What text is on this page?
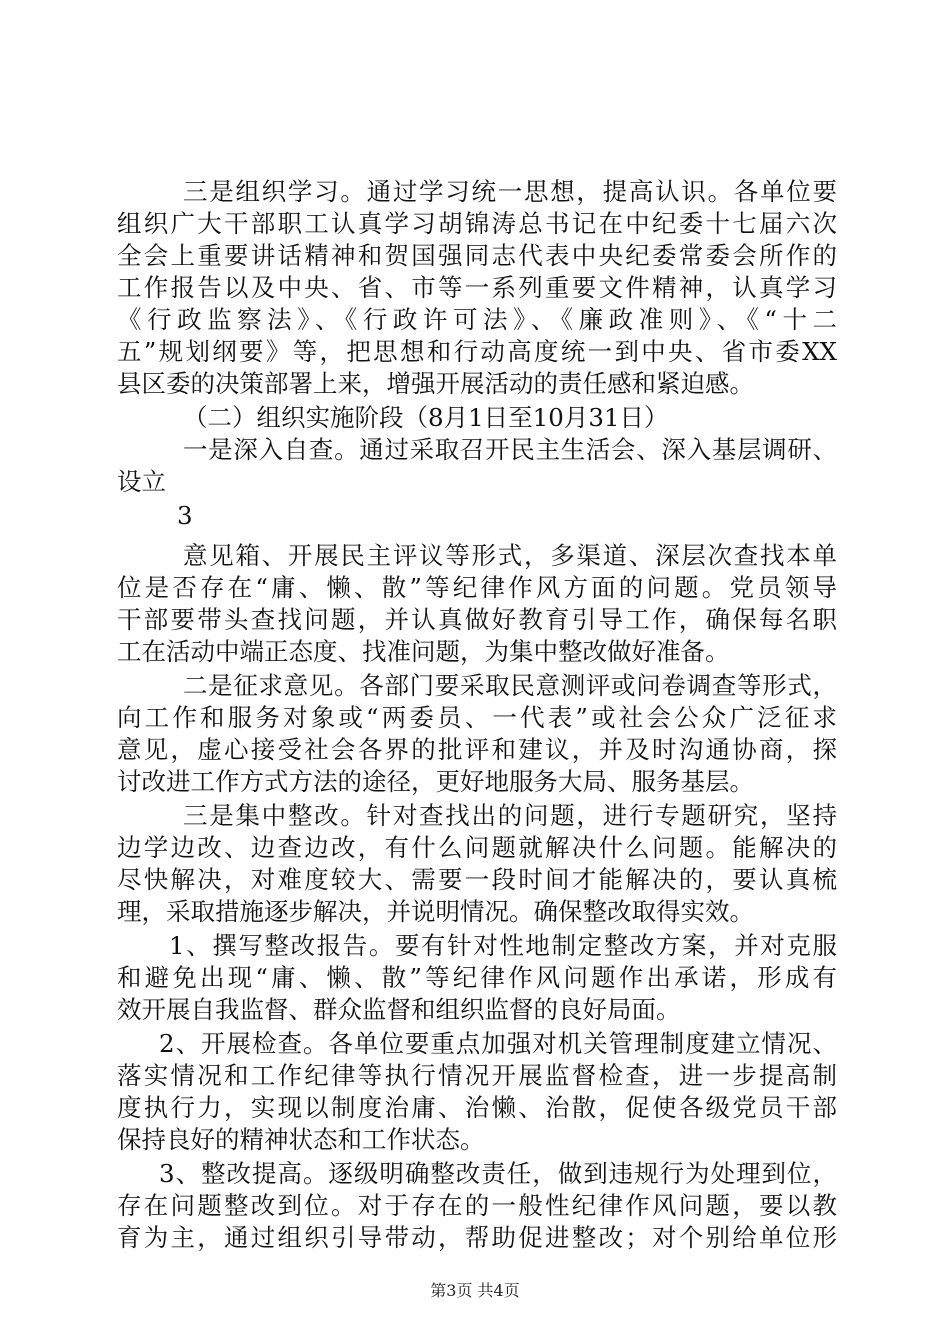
三是组织学习。通过学习统一思想，提高认识。各单位要
组织广大干部职工认真学习胡锦涛总书记在中纪委十七届六次
全会上重要讲话精神和贺国强同志代表中央纪委常委会所作的
工作报告以及中央、省、市等一系列重要文件精神，认真学习
《行政监察法》、《行政许可法》、《廉政准则》、《“十二
五”规划纲要》等，把思想和行动高度统一到中央、省市委XX
县区委的决策部署上来，增强开展活动的责任感和紧迫感。
（二）组织实施阶段（8月1日至10月31日）
一是深入自查。通过采取召开民主生活会、深入基层调研、
设立
3
意见箱、开展民主评议等形式，多渠道、深层次查找本单
位是否存在“庸、懒、散”等纪律作风方面的问题。党员领导
干部要带头查找问题，并认真做好教育引导工作，确保每名职
工在活动中端正态度、找准问题，为集中整改做好准备。
二是征求意见。各部门要采取民意测评或问卷调查等形式，
向工作和服务对象或“两委员、一代表”或社会公众广泛征求
意见，虚心接受社会各界的批评和建议，并及时沟通协商，探
讨改进工作方式方法的途径，更好地服务大局、服务基层。
三是集中整改。针对查找出的问题，进行专题研究，坚持
边学边改、边查边改，有什么问题就解决什么问题。能解决的
尽快解决，对难度较大、需要一段时间才能解决的，要认真梳
理，采取措施逐步解决，并说明情况。确保整改取得实效。
1、撰写整改报告。要有针对性地制定整改方案，并对克服
和避免出现“庸、懒、散”等纪律作风问题作出承诺，形成有
效开展自我监督、群众监督和组织监督的良好局面。
2、开展检查。各单位要重点加强对机关管理制度建立情况、
落实情况和工作纪律等执行情况开展监督检查，进一步提高制
度执行力，实现以制度治庸、治懒、治散，促使各级党员干部
保持良好的精神状态和工作状态。
3、整改提高。逐级明确整改责任，做到违规行为处理到位，
存在问题整改到位。对于存在的一般性纪律作风问题，要以教
育为主，通过组织引导带动，帮助促进整改；对个别给单位形
第3页 共4页
